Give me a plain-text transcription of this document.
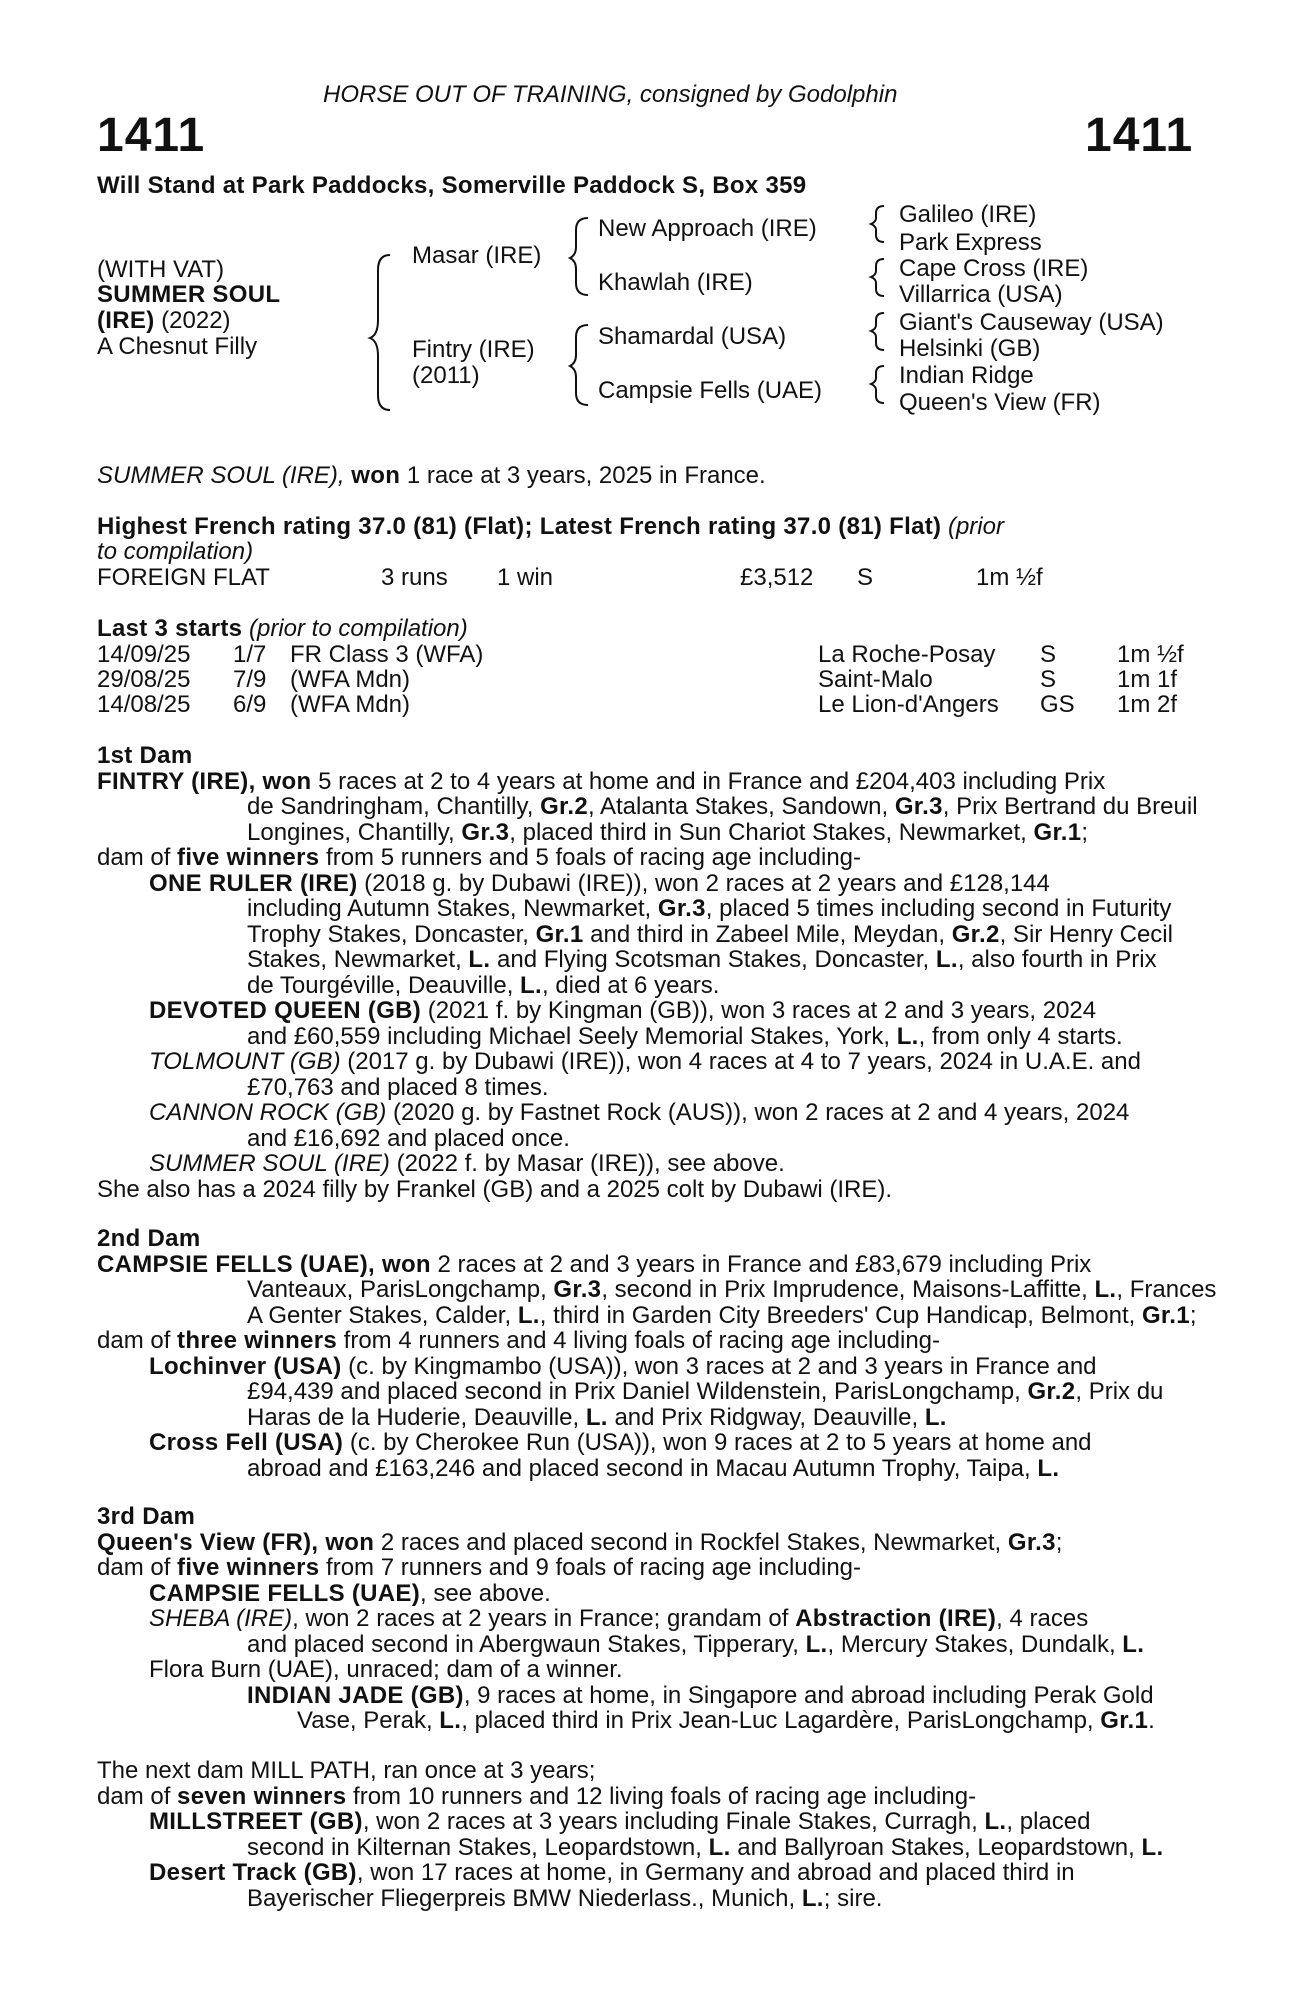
HORSE OUT OF TRAINING, consigned by Godolphin
1411	1411
Will Stand at Park Paddocks, Somerville Paddock S, Box 359
(WITH VAT)
SUMMER SOUL
(IRE) (2022)
A Chesnut Filly
Masar (IRE)
Fintry (IRE)
(2011)
New Approach (IRE)
Khawlah (IRE)
Shamardal (USA)
Campsie Fells (UAE)
Galileo (IRE)
Park Express
Cape Cross (IRE)
Villarrica (USA)
Giant's Causeway (USA)
Helsinki (GB)
Indian Ridge
Queen's View (FR)
SUMMER SOUL (IRE), won 1 race at 3 years, 2025 in France.
Highest French rating 37.0 (81) (Flat); Latest French rating 37.0 (81) Flat) (prior
to compilation)
FOREIGN FLAT	3 runs 1 win	£3,512 S	1m ½f
Last 3 starts (prior to compilation)
14/09/25 1/7 FR Class 3 (WFA)	La Roche-Posay S	1m ½f
29/08/25 7/9 (WFA Mdn)	Saint-Malo	S	1m 1f
14/08/25 6/9 (WFA Mdn)	Le Lion-d'Angers GS 1m 2f
1st Dam
FINTRY (IRE), won 5 races at 2 to 4 years at home and in France and £204,403 including Prix
de Sandringham, Chantilly, Gr.2, Atalanta Stakes, Sandown, Gr.3, Prix Bertrand du Breuil
Longines, Chantilly, Gr.3, placed third in Sun Chariot Stakes, Newmarket, Gr.1;
dam of five winners from 5 runners and 5 foals of racing age including-
ONE RULER (IRE) (2018 g. by Dubawi (IRE)), won 2 races at 2 years and £128,144
including Autumn Stakes, Newmarket, Gr.3, placed 5 times including second in Futurity
Trophy Stakes, Doncaster, Gr.1 and third in Zabeel Mile, Meydan, Gr.2, Sir Henry Cecil
Stakes, Newmarket, L. and Flying Scotsman Stakes, Doncaster, L., also fourth in Prix
de Tourgéville, Deauville, L., died at 6 years.
DEVOTED QUEEN (GB) (2021 f. by Kingman (GB)), won 3 races at 2 and 3 years, 2024
and £60,559 including Michael Seely Memorial Stakes, York, L., from only 4 starts.
TOLMOUNT (GB) (2017 g. by Dubawi (IRE)), won 4 races at 4 to 7 years, 2024 in U.A.E. and
£70,763 and placed 8 times.
CANNON ROCK (GB) (2020 g. by Fastnet Rock (AUS)), won 2 races at 2 and 4 years, 2024
and £16,692 and placed once.
SUMMER SOUL (IRE) (2022 f. by Masar (IRE)), see above.
She also has a 2024 filly by Frankel (GB) and a 2025 colt by Dubawi (IRE).
2nd Dam
CAMPSIE FELLS (UAE), won 2 races at 2 and 3 years in France and £83,679 including Prix
Vanteaux, ParisLongchamp, Gr.3, second in Prix Imprudence, Maisons-Laffitte, L., Frances
A Genter Stakes, Calder, L., third in Garden City Breeders' Cup Handicap, Belmont, Gr.1;
dam of three winners from 4 runners and 4 living foals of racing age including-
Lochinver (USA) (c. by Kingmambo (USA)), won 3 races at 2 and 3 years in France and
£94,439 and placed second in Prix Daniel Wildenstein, ParisLongchamp, Gr.2, Prix du
Haras de la Huderie, Deauville, L. and Prix Ridgway, Deauville, L.
Cross Fell (USA) (c. by Cherokee Run (USA)), won 9 races at 2 to 5 years at home and
abroad and £163,246 and placed second in Macau Autumn Trophy, Taipa, L.
3rd Dam
Queen's View (FR), won 2 races and placed second in Rockfel Stakes, Newmarket, Gr.3;
dam of five winners from 7 runners and 9 foals of racing age including-
CAMPSIE FELLS (UAE), see above.
SHEBA (IRE), won 2 races at 2 years in France; grandam of Abstraction (IRE), 4 races
and placed second in Abergwaun Stakes, Tipperary, L., Mercury Stakes, Dundalk, L.
Flora Burn (UAE), unraced; dam of a winner.
INDIAN JADE (GB), 9 races at home, in Singapore and abroad including Perak Gold
Vase, Perak, L., placed third in Prix Jean-Luc Lagardère, ParisLongchamp, Gr.1.
The next dam MILL PATH, ran once at 3 years;
dam of seven winners from 10 runners and 12 living foals of racing age including-
MILLSTREET (GB), won 2 races at 3 years including Finale Stakes, Curragh, L., placed
second in Kilternan Stakes, Leopardstown, L. and Ballyroan Stakes, Leopardstown, L.
Desert Track (GB), won 17 races at home, in Germany and abroad and placed third in
Bayerischer Fliegerpreis BMW Niederlass., Munich, L.; sire.
